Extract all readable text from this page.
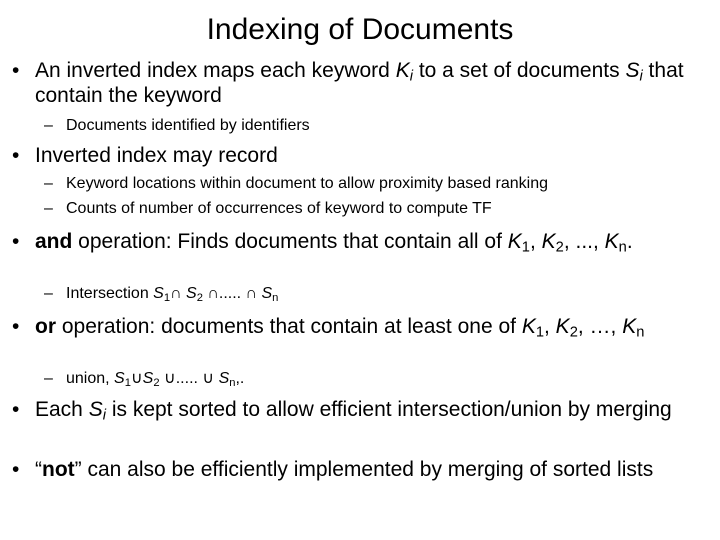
Indexing of Documents
• An inverted index maps each keyword $K_i$ to a set of documents $S_i$ that contain the keyword
– Documents identified by identifiers
• Inverted index may record
– Keyword locations within document to allow proximity based ranking
– Counts of number of occurrences of keyword to compute TF
• and operation: Finds documents that contain all of $K_1$, $K_2$, ..., $K_n$.
– Intersection $S_1\cap$ $S_2$ ∩..... ∩ $S_n$
• or operation: documents that contain at least one of $K_1$, $K_2$, …, $K_n$
– union, $S_1\cup S_2$ ∪..... ∪ $S_n$,.
• Each $S_i$ is kept sorted to allow efficient intersection/union by merging
• “not” can also be efficiently implemented by merging of sorted lists
